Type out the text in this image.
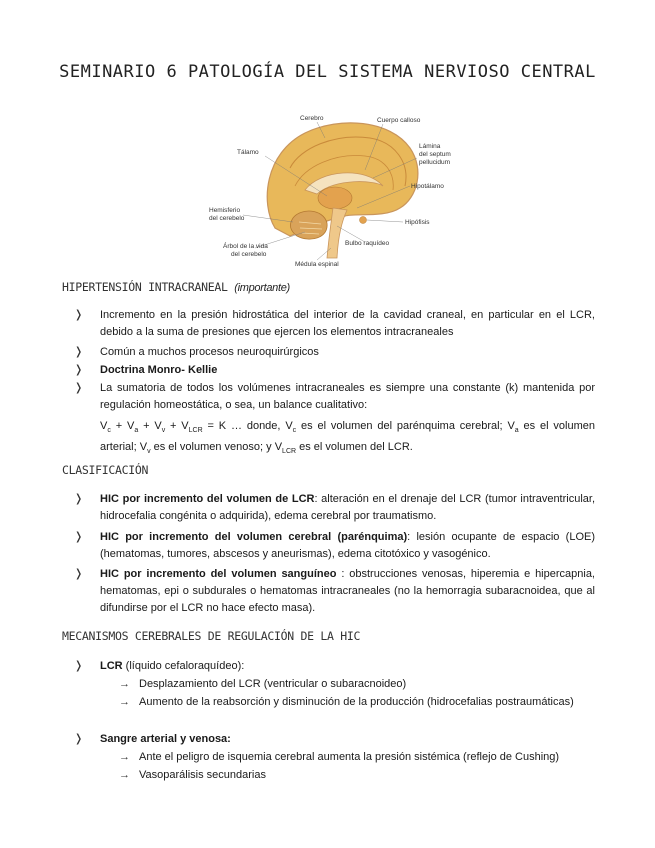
SEMINARIO 6 PATOLOGÍA DEL SISTEMA NERVIOSO CENTRAL
Cerebro	Cuerpo calloso
Tálamo
Lámina
del septum
pellucidum
Hipotálamo
Hemisferio
del cerebelo
Hipófisis
Bulbo raquídeo
Árbol de la vida
del cerebelo
Médula espinal
HIPERTENSIÓN INTRACRANEAL (importante)
❭ Incremento en la presión hidrostática del interior de la cavidad craneal, en particular en el LCR, debido a la suma de presiones que ejercen los elementos intracraneales
❭ Común a muchos procesos neuroquirúrgicos
❭ Doctrina Monro- Kellie
❭ La sumatoria de todos los volúmenes intracraneales es siempre una constante (k) mantenida por regulación homeostática, o sea, un balance cualitativo:
$V_c + V_a + V_v + V_{LCR} = K$ … donde, $V_c$ es el volumen del parénquima cerebral; $V_a$ es el volumen arterial; $V_v$ es el volumen venoso; y $V_{LCR}$ es el volumen del LCR.
CLASIFICACIÓN
❭ HIC por incremento del volumen de LCR: alteración en el drenaje del LCR (tumor intraventricular, hidrocefalia congénita o adquirida), edema cerebral por traumatismo.
❭ HIC por incremento del volumen cerebral (parénquima): lesión ocupante de espacio (LOE) (hematomas, tumores, abscesos y aneurismas), edema citotóxico y vasogénico.
❭ HIC por incremento del volumen sanguíneo : obstrucciones venosas, hiperemia e hipercapnia, hematomas, epi o subdurales o hematomas intracraneales (no la hemorragia subaracnoidea, que al difundirse por el LCR no hace efecto masa).
MECANISMOS CEREBRALES DE REGULACIÓN DE LA HIC
❭ LCR (líquido cefaloraquídeo):
→ Desplazamiento del LCR (ventricular o subaracnoideo)
→ Aumento de la reabsorción y disminución de la producción (hidrocefalias postraumáticas)
❭ Sangre arterial y venosa:
→ Ante el peligro de isquemia cerebral aumenta la presión sistémica (reflejo de Cushing)
→ Vasoparálisis secundarias
